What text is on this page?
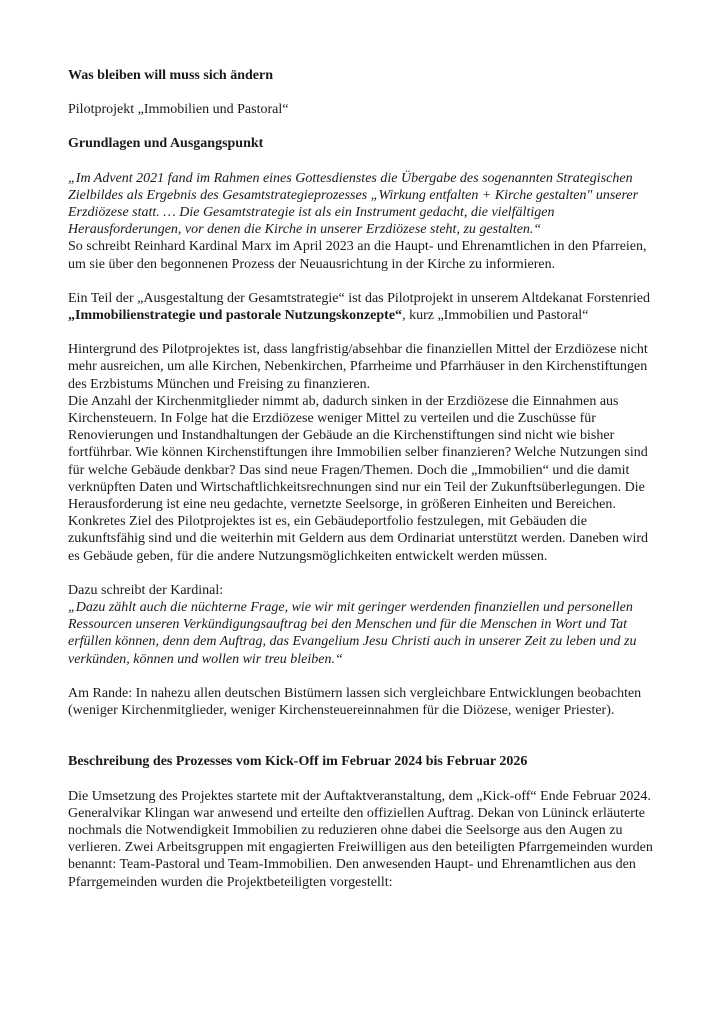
Was bleiben will muss sich ändern

Pilotprojekt „Immobilien und Pastoral“

Grundlagen und Ausgangspunkt

„Im Advent 2021 fand im Rahmen eines Gottesdienstes die Übergabe des sogenannten Strategischen Zielbildes als Ergebnis des Gesamtstrategieprozesses „Wirkung entfalten + Kirche gestalten" unserer Erzdiözese statt. … Die Gesamtstrategie ist als ein Instrument gedacht, die vielfältigen Herausforderungen, vor denen die Kirche in unserer Erzdiözese steht, zu gestalten.“

So schreibt Reinhard Kardinal Marx im April 2023 an die Haupt- und Ehrenamtlichen in den Pfarreien, um sie über den begonnenen Prozess der Neuausrichtung in der Kirche zu informieren.

Ein Teil der „Ausgestaltung der Gesamtstrategie“ ist das Pilotprojekt in unserem Altdekanat Forstenried „Immobilienstrategie und pastorale Nutzungskonzepte“, kurz „Immobilien und Pastoral“

Hintergrund des Pilotprojektes ist, dass langfristig/absehbar die finanziellen Mittel der Erzdiözese nicht mehr ausreichen, um alle Kirchen, Nebenkirchen, Pfarrheime und Pfarrhäuser in den Kirchenstiftungen des Erzbistums München und Freising zu finanzieren.

Die Anzahl der Kirchenmitglieder nimmt ab, dadurch sinken in der Erzdiözese die Einnahmen aus Kirchensteuern. In Folge hat die Erzdiözese weniger Mittel zu verteilen und die Zuschüsse für Renovierungen und Instandhaltungen der Gebäude an die Kirchenstiftungen sind nicht wie bisher fortführbar. Wie können Kirchenstiftungen ihre Immobilien selber finanzieren? Welche Nutzungen sind für welche Gebäude denkbar? Das sind neue Fragen/Themen. Doch die „Immobilien“ und die damit verknüpften Daten und Wirtschaftlichkeitsrechnungen sind nur ein Teil der Zukunftsüberlegungen. Die Herausforderung ist eine neu gedachte, vernetzte Seelsorge, in größeren Einheiten und Bereichen.

Konkretes Ziel des Pilotprojektes ist es, ein Gebäudeportfolio festzulegen, mit Gebäuden die zukunftsfähig sind und die weiterhin mit Geldern aus dem Ordinariat unterstützt werden. Daneben wird es Gebäude geben, für die andere Nutzungsmöglichkeiten entwickelt werden müssen.

Dazu schreibt der Kardinal:

„Dazu zählt auch die nüchterne Frage, wie wir mit geringer werdenden finanziellen und personellen Ressourcen unseren Verkündigungsauftrag bei den Menschen und für die Menschen in Wort und Tat erfüllen können, denn dem Auftrag, das Evangelium Jesu Christi auch in unserer Zeit zu leben und zu verkünden, können und wollen wir treu bleiben.“

Am Rande: In nahezu allen deutschen Bistümern lassen sich vergleichbare Entwicklungen beobachten (weniger Kirchenmitglieder, weniger Kirchensteuereinnahmen für die Diözese, weniger Priester).

Beschreibung des Prozesses vom Kick-Off im Februar 2024 bis Februar 2026

Die Umsetzung des Projektes startete mit der Auftaktveranstaltung, dem „Kick-off“ Ende Februar 2024. Generalvikar Klingan war anwesend und erteilte den offiziellen Auftrag. Dekan von Lüninck erläuterte nochmals die Notwendigkeit Immobilien zu reduzieren ohne dabei die Seelsorge aus den Augen zu verlieren. Zwei Arbeitsgruppen mit engagierten Freiwilligen aus den beteiligten Pfarrgemeinden wurden benannt: Team-Pastoral und Team-Immobilien. Den anwesenden Haupt- und Ehrenamtlichen aus den Pfarrgemeinden wurden die Projektbeteiligten vorgestellt:
